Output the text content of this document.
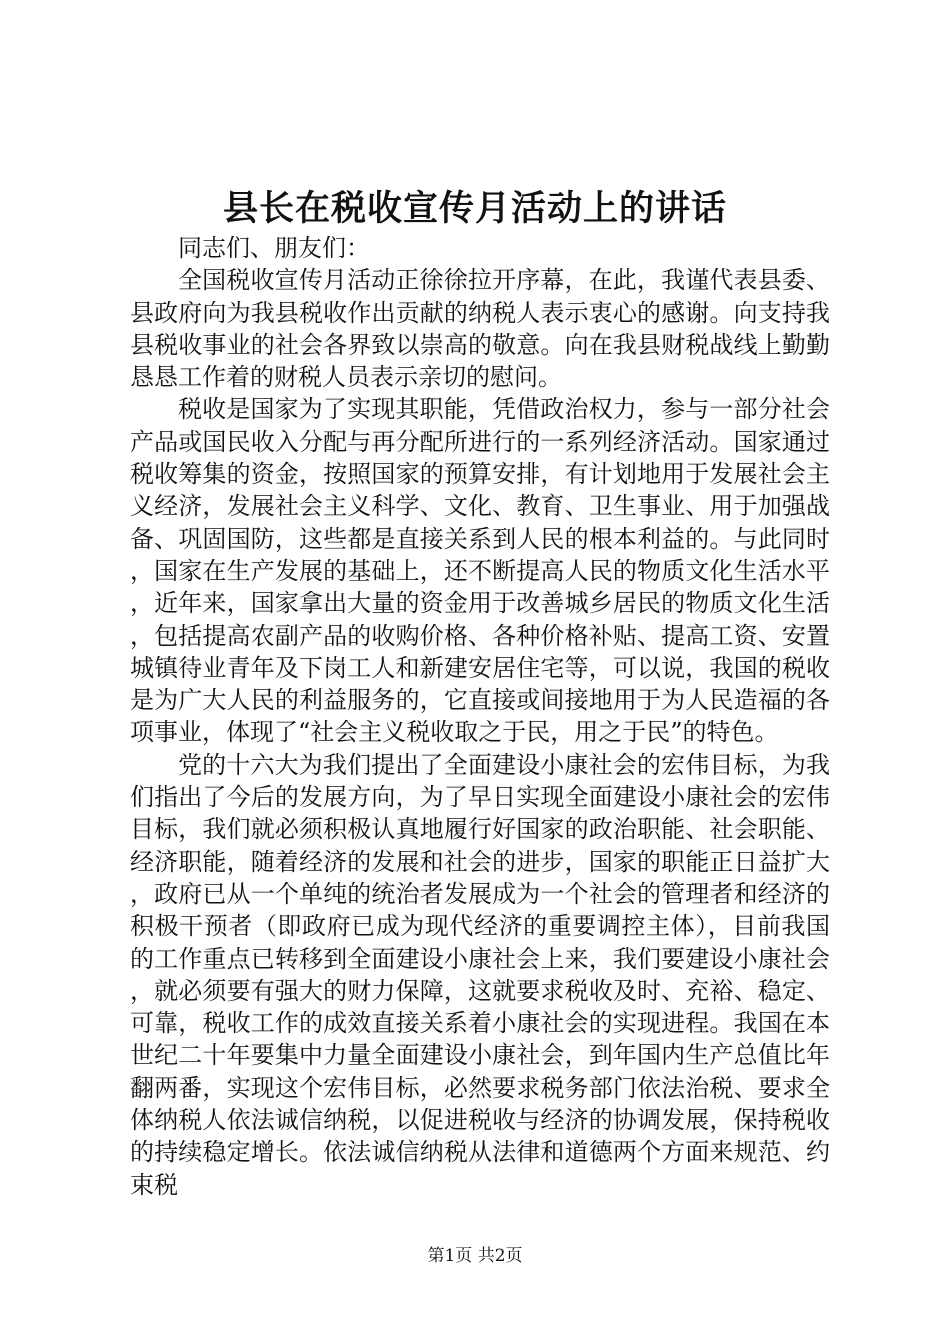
县长在税收宣传月活动上的讲话

同志们、朋友们：

全国税收宣传月活动正徐徐拉开序幕，在此，我谨代表县委、县政府向为我县税收作出贡献的纳税人表示衷心的感谢。向支持我县税收事业的社会各界致以崇高的敬意。向在我县财税战线上勤勤恳恳工作着的财税人员表示亲切的慰问。

税收是国家为了实现其职能，凭借政治权力，参与一部分社会产品或国民收入分配与再分配所进行的一系列经济活动。国家通过税收筹集的资金，按照国家的预算安排，有计划地用于发展社会主义经济，发展社会主义科学、文化、教育、卫生事业、用于加强战备、巩固国防，这些都是直接关系到人民的根本利益的。与此同时，国家在生产发展的基础上，还不断提高人民的物质文化生活水平，近年来，国家拿出大量的资金用于改善城乡居民的物质文化生活，包括提高农副产品的收购价格、各种价格补贴、提高工资、安置城镇待业青年及下岗工人和新建安居住宅等，可以说，我国的税收是为广大人民的利益服务的，它直接或间接地用于为人民造福的各项事业，体现了“社会主义税收取之于民，用之于民”的特色。

党的十六大为我们提出了全面建设小康社会的宏伟目标，为我们指出了今后的发展方向，为了早日实现全面建设小康社会的宏伟目标，我们就必须积极认真地履行好国家的政治职能、社会职能、经济职能，随着经济的发展和社会的进步，国家的职能正日益扩大，政府已从一个单纯的统治者发展成为一个社会的管理者和经济的积极干预者（即政府已成为现代经济的重要调控主体），目前我国的工作重点已转移到全面建设小康社会上来，我们要建设小康社会，就必须要有强大的财力保障，这就要求税收及时、充裕、稳定、可靠，税收工作的成效直接关系着小康社会的实现进程。我国在本世纪二十年要集中力量全面建设小康社会，到年国内生产总值比年翻两番，实现这个宏伟目标，必然要求税务部门依法治税、要求全体纳税人依法诚信纳税，以促进税收与经济的协调发展，保持税收的持续稳定增长。依法诚信纳税从法律和道德两个方面来规范、约束税

第1页 共2页
